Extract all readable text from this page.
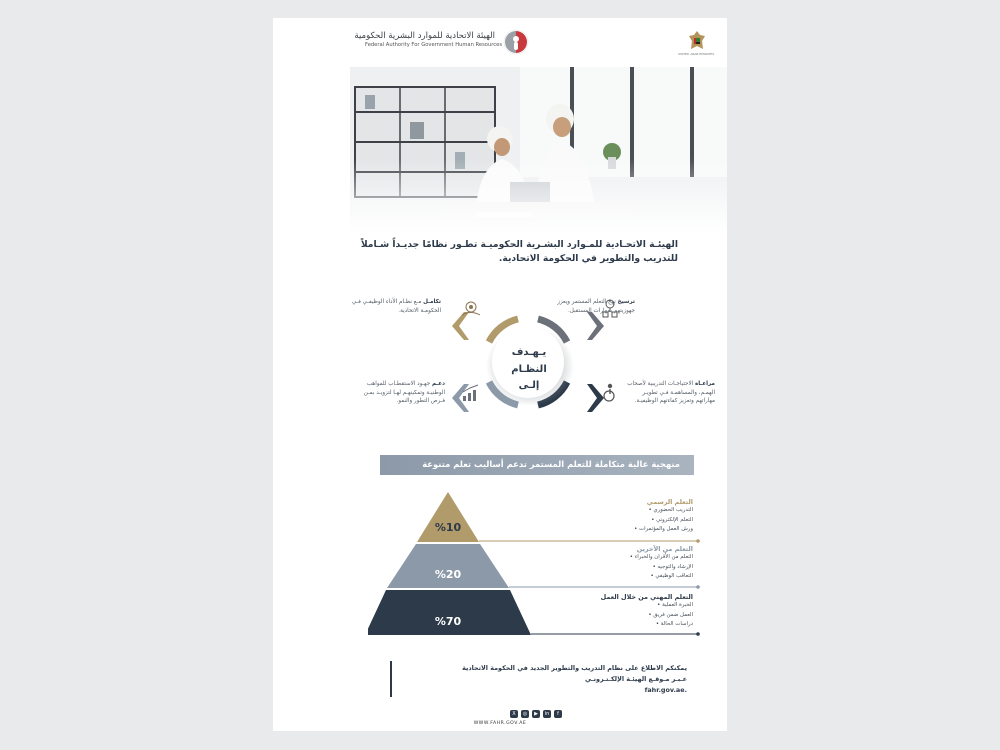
الهيئة الاتحادية للموارد البشرية الحكومية
Federal Authority For Government Human Resources
UNITED ARAB EMIRATES
الهيئـة الاتحـادية للمـوارد البشـرية الحكوميـة تطـور نظامًا جديـداً شـاملاً
للتدريب والتطوير في الحكومة الاتحادية.
يـهـدف
النظـام
إلـى
ترسيخ نهج التعلم المستمر ويعزز جهوزيتهم بمهارات المستقبل.
تكامـل مـع نظـام الأداء الوظيفـي فـي الحكومـة الاتحادية.
مراعـاة الاحتياجـات التدريبية لأصحاب الهمـم، والمساهمـة فـي تطويـر مهاراتهم وتعزيز كفاءتهم الوظيفيـة.
دعـم جهـود الاستقطـاب للمواهب الوطنيـة وتمكينهـم لهـا لتزويـد بمـن فـرص التطور والنمو.
منهجية عالية متكاملة للتعلم المستمر تدعم أساليب تعلم متنوعة
%10
%20
%70
التعلم الرسمي
التدريب الحضوري •
التعلم الإلكتروني •
ورش العمل والمؤتمرات •
التعلم من الآخرين
التعلم من الأقران والخبراء •
الإرشاد والتوجيه •
التعاقب الوظيفي •
التعلم المهني من خلال العمل
الخبرة العملية •
العمل ضمن فريق •
دراسات الحالة •
يمكنكم الاطلاع على نظام التدريب والتطوير الجديد في الحكومة الاتحادية
عـبـر مـوقـع الهيئـة الإلكـتـرونـي
fahr.gov.ae.
X	◎	▶	in	f
WWW.FAHR.GOV.AE
